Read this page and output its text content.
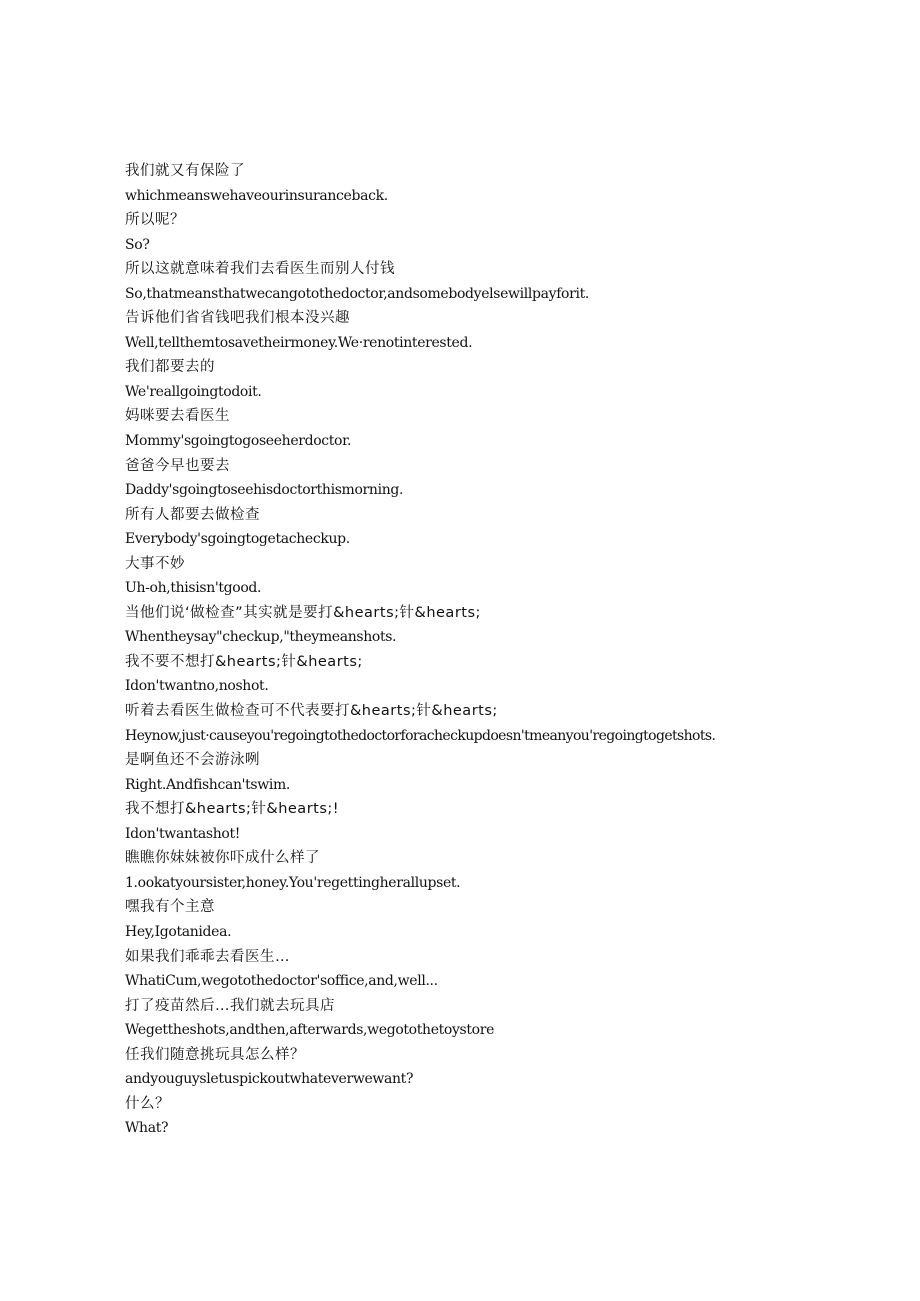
我们就又有保险了
whichmeanswehaveourinsuranceback.
所以呢？
So?
所以这就意味着我们去看医生而别人付钱
So,thatmeansthatwecangotothedoctor,andsomebodyelsewillpayforit.
告诉他们省省钱吧我们根本没兴趣
Well,tellthemtosavetheirmoney.We·renotinterested.
我们都要去的
We'reallgoingtodoit.
妈咪要去看医生
Mommy'sgoingtogoseeherdoctor.
爸爸今早也要去
Daddy'sgoingtoseehisdoctorthismorning.
所有人都要去做检查
Everybody'sgoingtogetacheckup.
大事不妙
Uh-oh,thisisn'tgood.
当他们说‘做检查”其实就是要打&hearts;针&hearts;
Whentheysay"checkup,"theymeanshots.
我不要不想打&hearts;针&hearts;
Idon'twantno,noshot.
听着去看医生做检查可不代表要打&hearts;针&hearts;
Heynow,just·causeyou'regoingtothedoctorforacheckupdoesn'tmeanyou'regoingtogetshots.
是啊鱼还不会游泳咧
Right.Andfishcan'tswim.
我不想打&hearts;针&hearts;!
Idon'twantashot!
瞧瞧你妹妹被你吓成什么样了
1.ookatyoursister,honey.You'regettingherallupset.
嘿我有个主意
Hey,Igotanidea.
如果我们乖乖去看医生…
WhatiCum,wegotothedoctor'soffice,and,well...
打了疫苗然后…我们就去玩具店
Wegettheshots,andthen,afterwards,wegotothetoystore
任我们随意挑玩具怎么样？
andyouguysletuspickoutwhateverwewant?
什么？
What?
